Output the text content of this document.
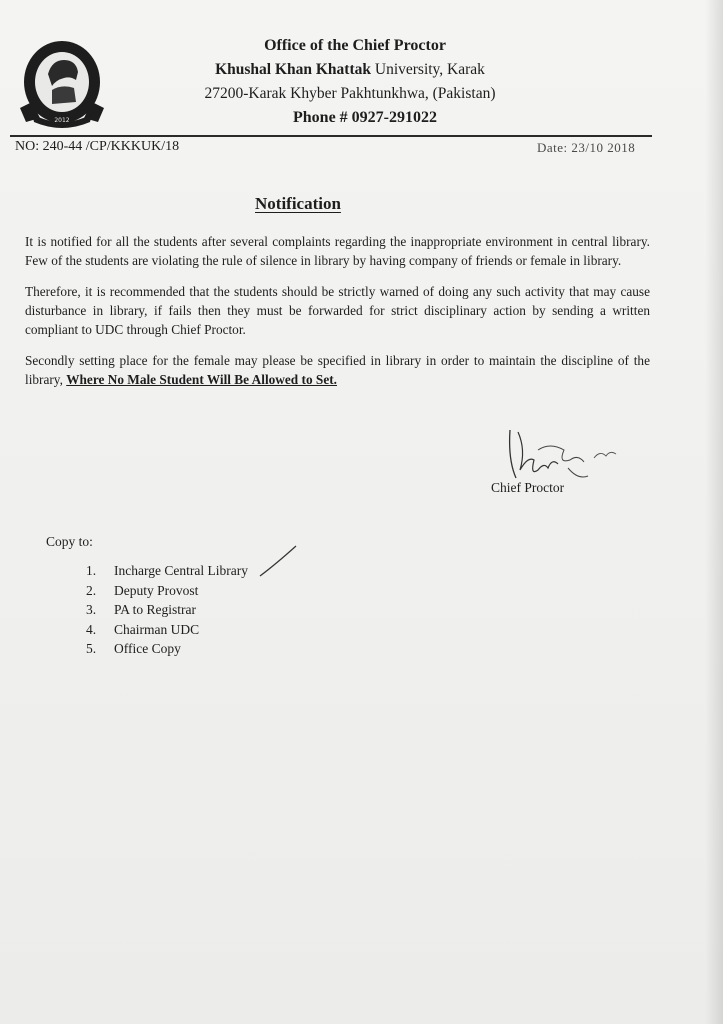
2012
Office of the Chief Proctor
Khushal Khan Khattak University, Karak
27200-Karak Khyber Pakhtunkhwa, (Pakistan)
Phone # 0927-291022
NO: 240-44 /CP/KKKUK/18	Date: 23/10 2018
Notification

It is notified for all the students after several complaints regarding the inappropriate environment in central library. Few of the students are violating the rule of silence in library by having company of friends or female in library.

Therefore, it is recommended that the students should be strictly warned of doing any such activity that may cause disturbance in library, if fails then they must be forwarded for strict disciplinary action by sending a written compliant to UDC through Chief Proctor.

Secondly setting place for the female may please be specified in library in order to maintain the discipline of the library, Where No Male Student Will Be Allowed to Set.

Chief Proctor
Copy to:
1. Incharge Central Library
2. Deputy Provost
3. PA to Registrar
4. Chairman UDC
5. Office Copy
